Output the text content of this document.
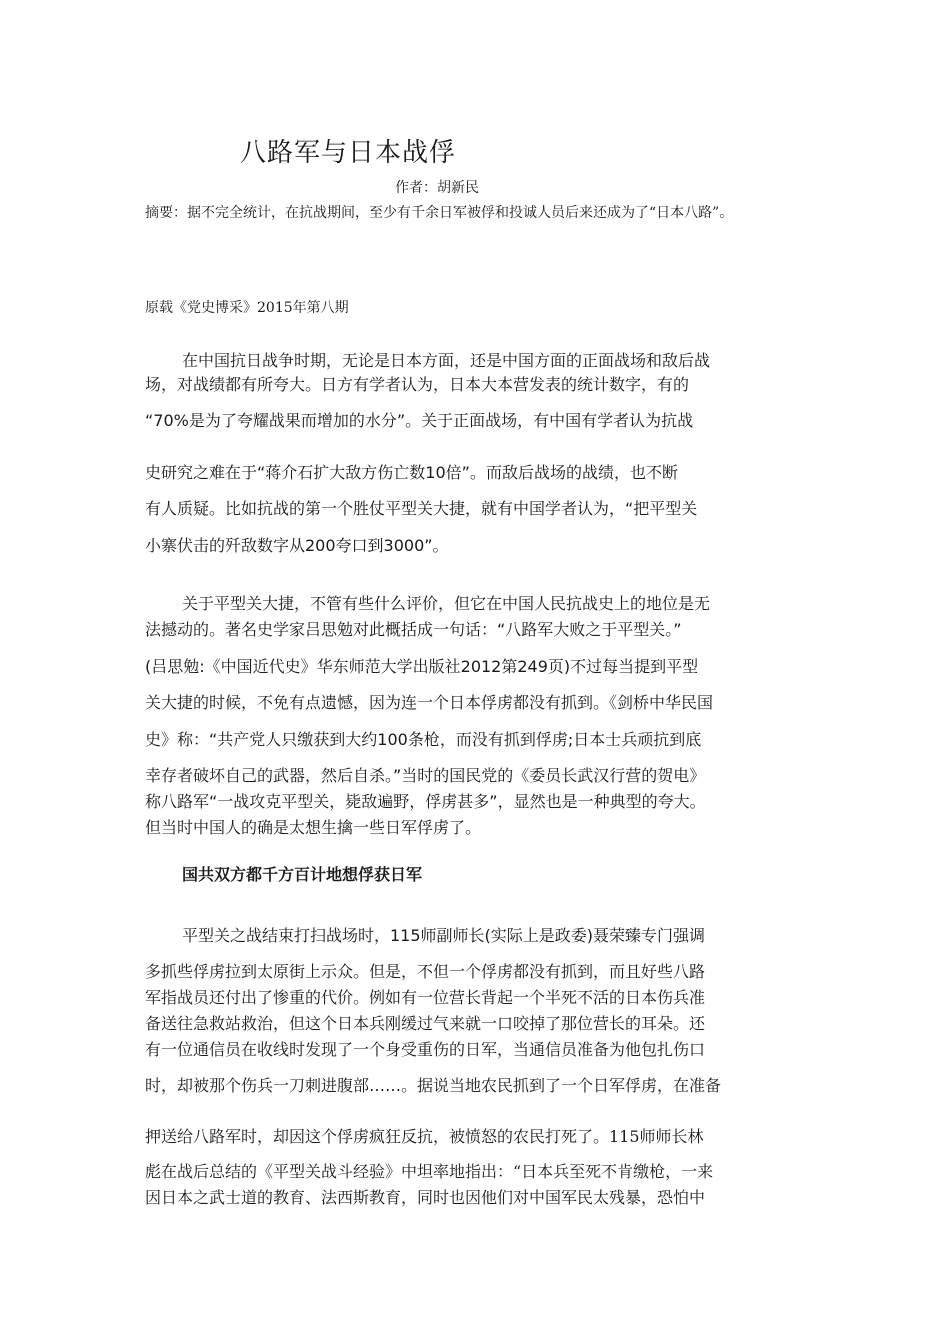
八路军与日本战俘
作者：胡新民
摘要：据不完全统计，在抗战期间，至少有千余日军被俘和投诚人员后来还成为了“日本八路”。
原载《党史博采》2015年第八期
在中国抗日战争时期，无论是日本方面，还是中国方面的正面战场和敌后战
场，对战绩都有所夸大。日方有学者认为，日本大本营发表的统计数字，有的
“70%是为了夸耀战果而增加的水分”。关于正面战场，有中国有学者认为抗战
史研究之难在于“蒋介石扩大敌方伤亡数10倍”。而敌后战场的战绩，也不断
有人质疑。比如抗战的第一个胜仗平型关大捷，就有中国学者认为，“把平型关
小寨伏击的歼敌数字从200夸口到3000”。
关于平型关大捷，不管有些什么评价，但它在中国人民抗战史上的地位是无
法撼动的。著名史学家吕思勉对此概括成一句话：“八路军大败之于平型关。”
(吕思勉:《中国近代史》华东师范大学出版社2012第249页)不过每当提到平型
关大捷的时候，不免有点遗憾，因为连一个日本俘虏都没有抓到。《剑桥中华民国
史》称：“共产党人只缴获到大约100条枪，而没有抓到俘虏;日本士兵顽抗到底
幸存者破坏自己的武器，然后自杀。”当时的国民党的《委员长武汉行营的贺电》
称八路军“一战攻克平型关，毙敌遍野，俘虏甚多”，显然也是一种典型的夸大。
但当时中国人的确是太想生擒一些日军俘虏了。
国共双方都千方百计地想俘获日军
平型关之战结束打扫战场时，115师副师长(实际上是政委)聂荣臻专门强调
多抓些俘虏拉到太原街上示众。但是，不但一个俘虏都没有抓到，而且好些八路
军指战员还付出了惨重的代价。例如有一位营长背起一个半死不活的日本伤兵准
备送往急救站救治，但这个日本兵刚缓过气来就一口咬掉了那位营长的耳朵。还
有一位通信员在收线时发现了一个身受重伤的日军，当通信员准备为他包扎伤口
时，却被那个伤兵一刀刺进腹部……。据说当地农民抓到了一个日军俘虏，在准备
押送给八路军时，却因这个俘虏疯狂反抗，被愤怒的农民打死了。115师师长林
彪在战后总结的《平型关战斗经验》中坦率地指出：“日本兵至死不肯缴枪，一来
因日本之武士道的教育、法西斯教育，同时也因他们对中国军民太残暴，恐怕中
